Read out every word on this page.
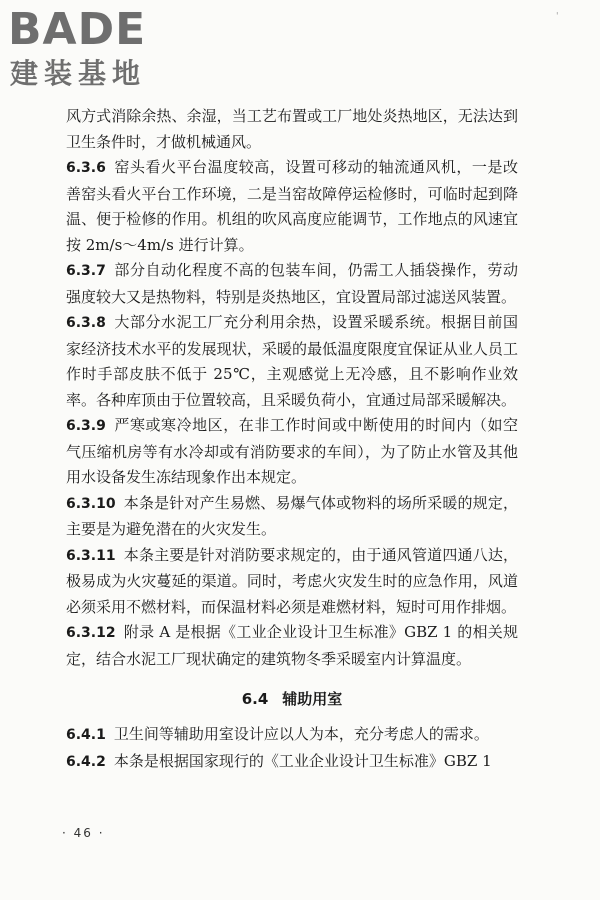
BADE
建装基地
'

风方式消除余热、余湿，当工艺布置或工厂地处炎热地区，无法达到卫生条件时，才做机械通风。

6.3.6 窑头看火平台温度较高，设置可移动的轴流通风机，一是改善窑头看火平台工作环境，二是当窑故障停运检修时，可临时起到降温、便于检修的作用。机组的吹风高度应能调节，工作地点的风速宜按 2m/s～4m/s 进行计算。

6.3.7 部分自动化程度不高的包装车间，仍需工人插袋操作，劳动强度较大又是热物料，特别是炎热地区，宜设置局部过滤送风装置。

6.3.8 大部分水泥工厂充分利用余热，设置采暖系统。根据目前国家经济技术水平的发展现状，采暖的最低温度限度宜保证从业人员工作时手部皮肤不低于 25℃，主观感觉上无冷感，且不影响作业效率。各种库顶由于位置较高，且采暖负荷小，宜通过局部采暖解决。

6.3.9 严寒或寒冷地区，在非工作时间或中断使用的时间内（如空气压缩机房等有水冷却或有消防要求的车间），为了防止水管及其他用水设备发生冻结现象作出本规定。

6.3.10 本条是针对产生易燃、易爆气体或物料的场所采暖的规定，主要是为避免潜在的火灾发生。

6.3.11 本条主要是针对消防要求规定的，由于通风管道四通八达，极易成为火灾蔓延的渠道。同时，考虑火灾发生时的应急作用，风道必须采用不燃材料，而保温材料必须是难燃材料，短时可用作排烟。

6.3.12 附录 A 是根据《工业企业设计卫生标准》GBZ 1 的相关规定，结合水泥工厂现状确定的建筑物冬季采暖室内计算温度。

6.4 辅助用室

6.4.1 卫生间等辅助用室设计应以人为本，充分考虑人的需求。

6.4.2 本条是根据国家现行的《工业企业设计卫生标准》GBZ 1

· 46 ·
